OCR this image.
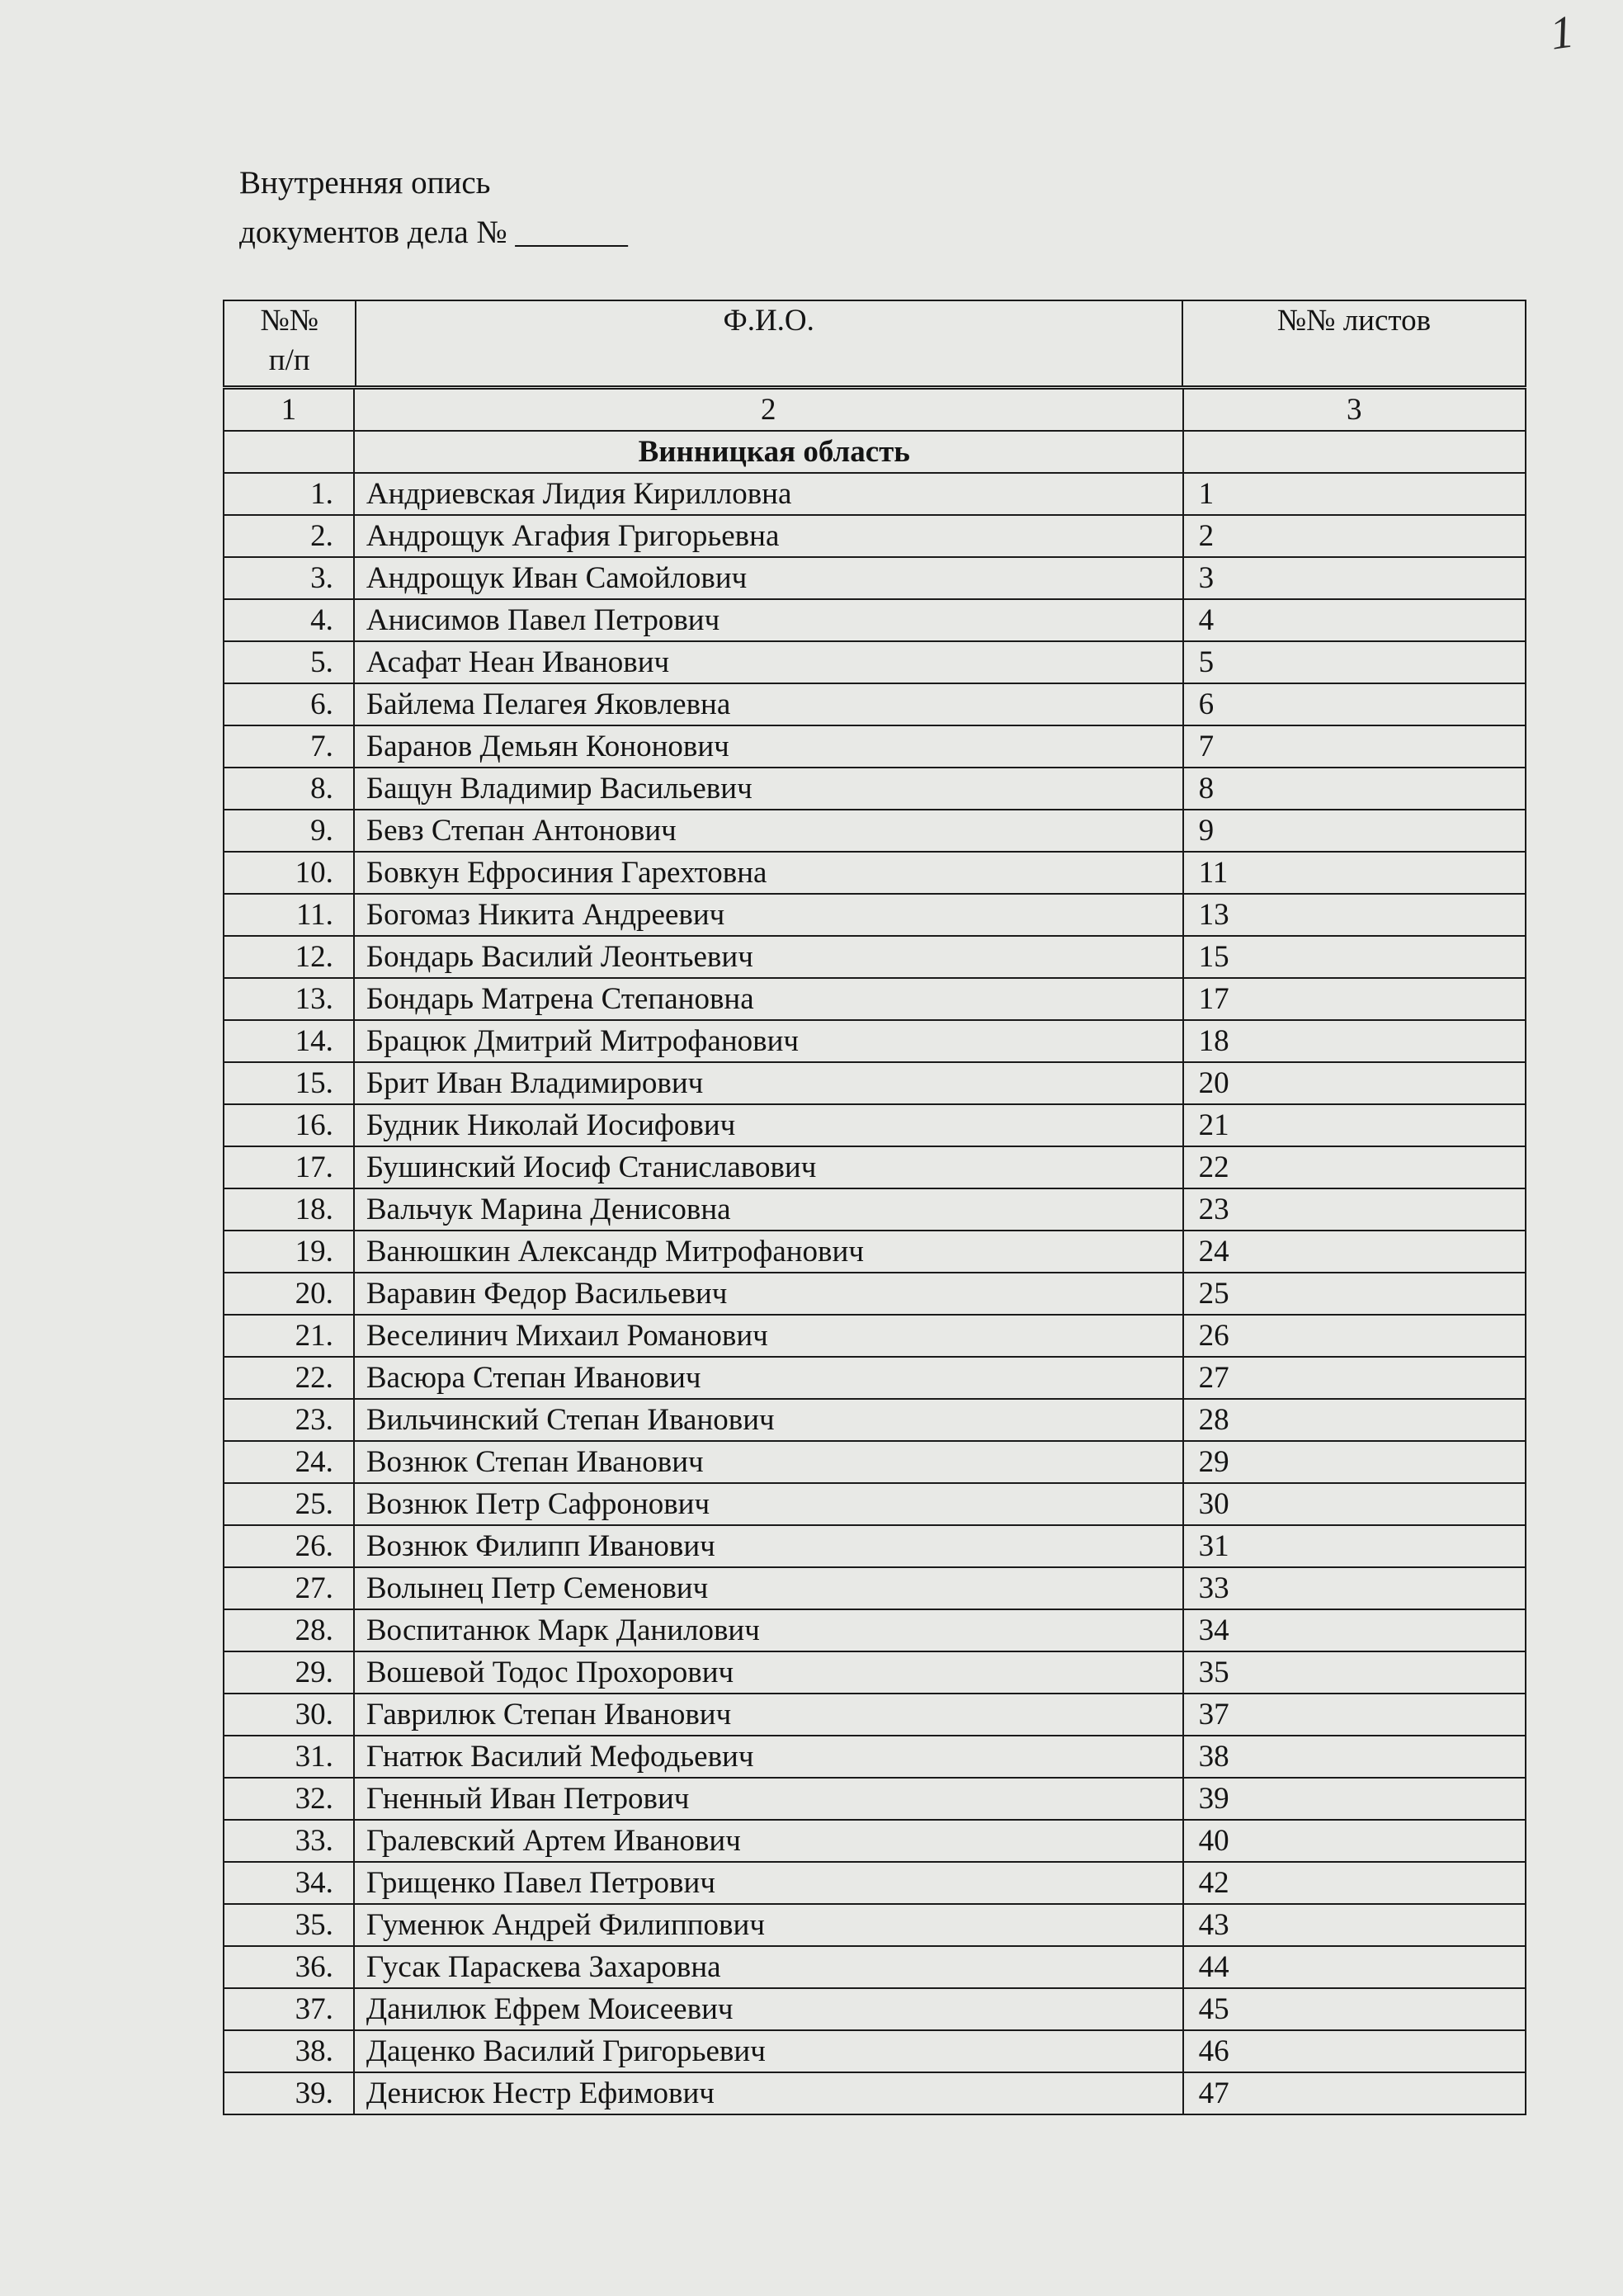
1
Внутренняя опись
документов дела № _______
№№ п/п
	Ф.И.О.	№№ листов
1	2	3
	Винницкая область	
1.	Андриевская Лидия Кирилловна	1
2.	Андрощук Агафия Григорьевна	2
3.	Андрощук Иван Самойлович	3
4.	Анисимов Павел Петрович	4
5.	Асафат Неан Иванович	5
6.	Байлема Пелагея Яковлевна	6
7.	Баранов Демьян Кононович	7
8.	Бащун Владимир Васильевич	8
9.	Бевз Степан Антонович	9
10.	Бовкун Ефросиния Гарехтовна	11
11.	Богомаз Никита Андреевич	13
12.	Бондарь Василий Леонтьевич	15
13.	Бондарь Матрена Степановна	17
14.	Брацюк Дмитрий Митрофанович	18
15.	Брит Иван Владимирович	20
16.	Будник Николай Иосифович	21
17.	Бушинский Иосиф Станиславович	22
18.	Вальчук Марина Денисовна	23
19.	Ванюшкин Александр Митрофанович	24
20.	Варавин Федор Васильевич	25
21.	Веселинич Михаил Романович	26
22.	Васюра Степан Иванович	27
23.	Вильчинский Степан Иванович	28
24.	Вознюк Степан Иванович	29
25.	Вознюк Петр Сафронович	30
26.	Вознюк Филипп Иванович	31
27.	Волынец Петр Семенович	33
28.	Воспитанюк Марк Данилович	34
29.	Вошевой Тодос Прохорович	35
30.	Гаврилюк Степан Иванович	37
31.	Гнатюк Василий Мефодьевич	38
32.	Гненный Иван Петрович	39
33.	Гралевский Артем Иванович	40
34.	Грищенко Павел Петрович	42
35.	Гуменюк Андрей Филиппович	43
36.	Гусак Параскева Захаровна	44
37.	Данилюк Ефрем Моисеевич	45
38.	Даценко Василий Григорьевич	46
39.	Денисюк Нестр Ефимович	47
